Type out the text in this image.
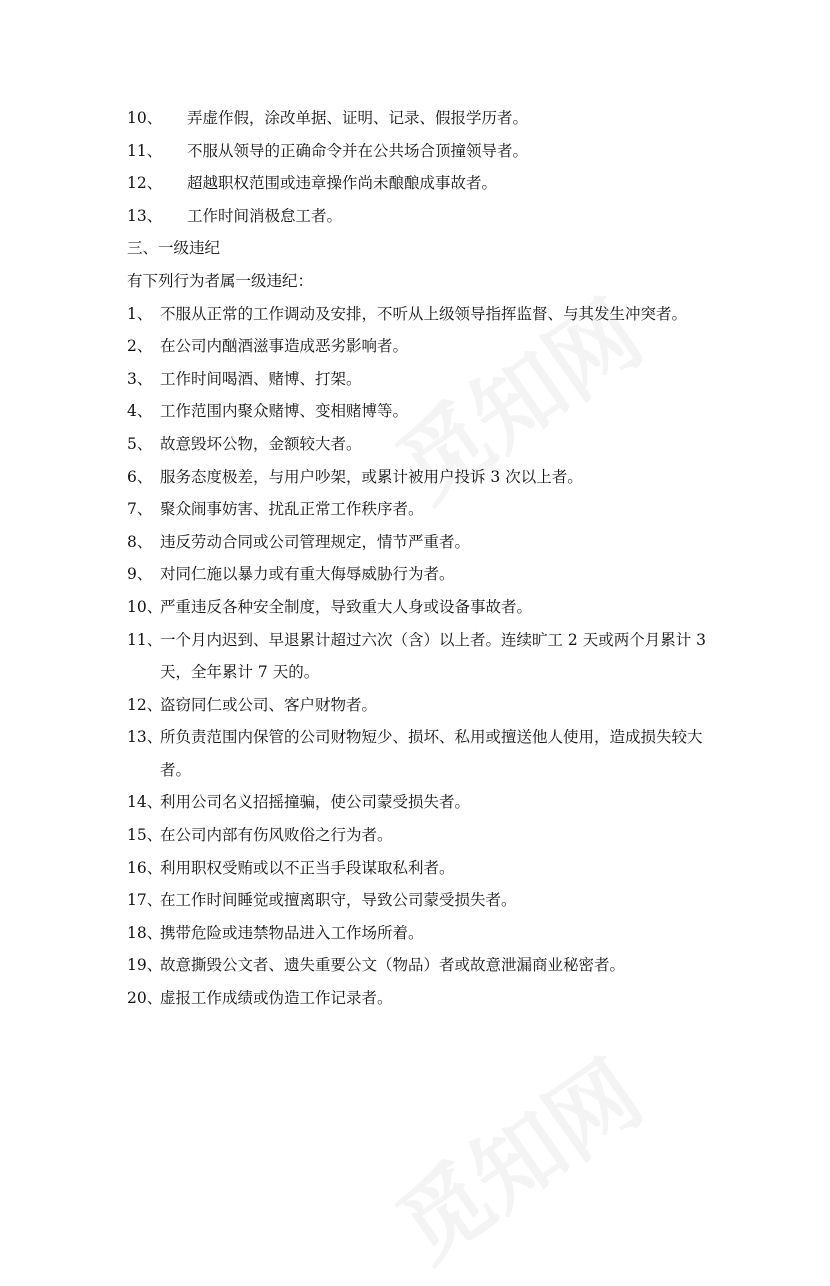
10、	弄虚作假，涂改单据、证明、记录、假报学历者。
11、	不服从领导的正确命令并在公共场合顶撞领导者。
12、	超越职权范围或违章操作尚未酿酿成事故者。
13、	工作时间消极怠工者。
三、一级违纪
有下列行为者属一级违纪：
1、 不服从正常的工作调动及安排，不听从上级领导指挥监督、与其发生冲突者。
2、 在公司内酗酒滋事造成恶劣影响者。
3、 工作时间喝酒、赌博、打架。
4、 工作范围内聚众赌博、变相赌博等。
5、 故意毁坏公物，金额较大者。
6、 服务态度极差，与用户吵架，或累计被用户投诉 3 次以上者。
7、 聚众闹事妨害、扰乱正常工作秩序者。
8、 违反劳动合同或公司管理规定，情节严重者。
9、 对同仁施以暴力或有重大侮辱威胁行为者。
10、
严重违反各种安全制度，导致重大人身或设备事故者。
11、
一个月内迟到、早退累计超过六次（含）以上者。连续旷工 2 天或两个月累计 3 天，全年累计 7 天的。
12、
盗窃同仁或公司、客户财物者。
13、
所负责范围内保管的公司财物短少、损坏、私用或擅送他人使用，造成损失较大者。
14、
利用公司名义招摇撞骗，使公司蒙受损失者。
15、
在公司内部有伤风败俗之行为者。
16、
利用职权受贿或以不正当手段谋取私利者。
17、
在工作时间睡觉或擅离职守，导致公司蒙受损失者。
18、
携带危险或违禁物品进入工作场所着。
19、
故意撕毁公文者、遗失重要公文（物品）者或故意泄漏商业秘密者。
20、
虚报工作成绩或伪造工作记录者。
